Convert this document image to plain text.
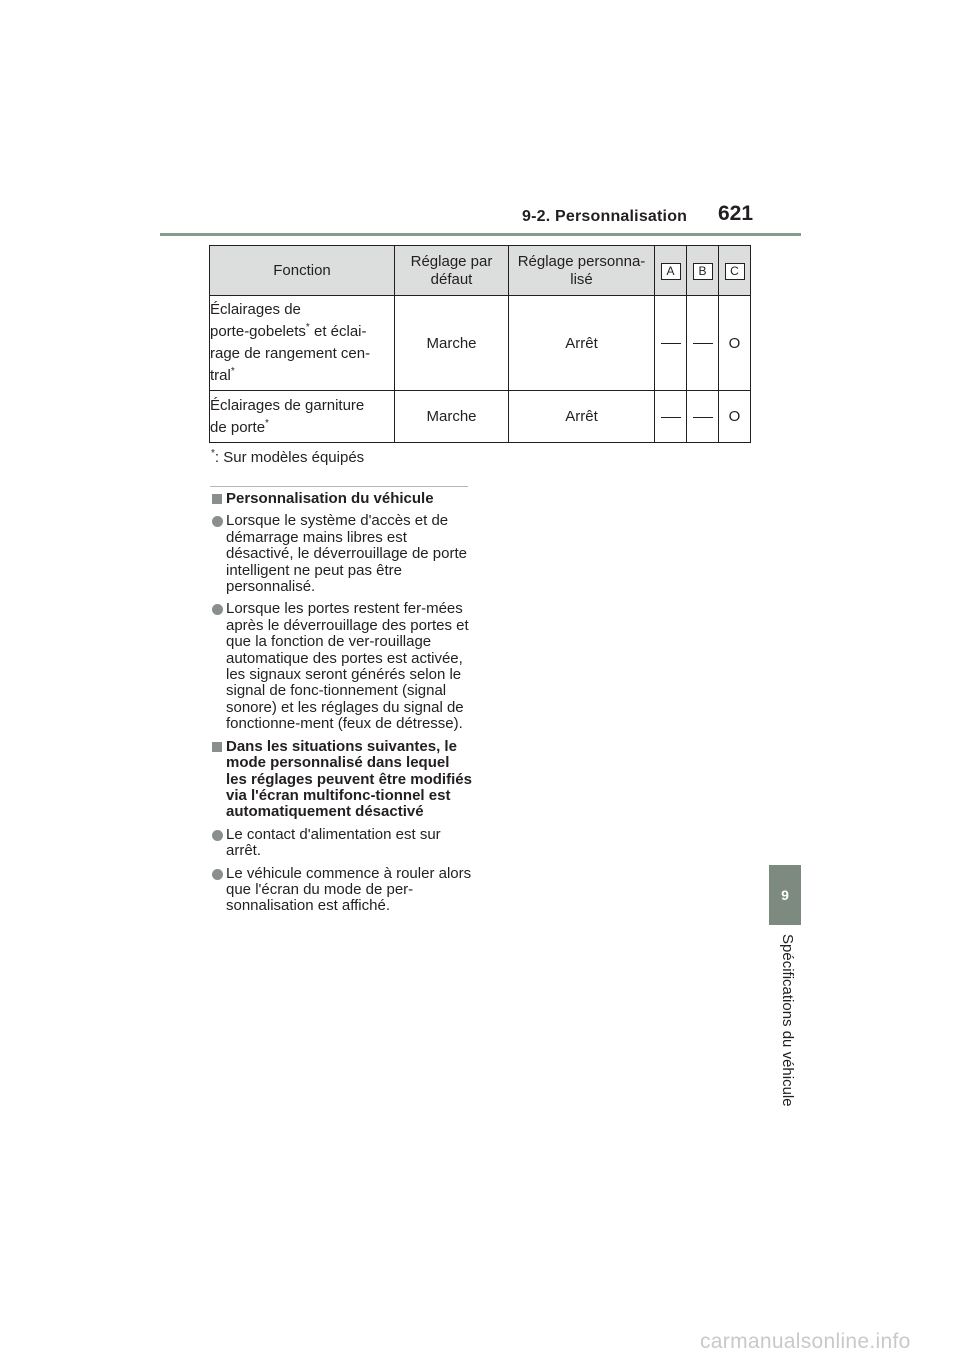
9-2. Personnalisation 621
Fonction	Réglage par défaut	Réglage personna-lisé	A	B	C
Éclairages de
porte-gobelets* et éclai-
rage de rangement cen-
tral*	Marche	Arrêt			O
Éclairages de garniture
de porte*	Marche	Arrêt			O
*: Sur modèles équipés
Personnalisation du véhicule
Lorsque le système d'accès et de démarrage mains libres est désactivé, le déverrouillage de porte intelligent ne peut pas être personnalisé.
Lorsque les portes restent fer-mées après le déverrouillage des portes et que la fonction de ver-rouillage automatique des portes est activée, les signaux seront générés selon le signal de fonc-tionnement (signal sonore) et les réglages du signal de fonctionne-ment (feux de détresse).
Dans les situations suivantes, le mode personnalisé dans lequel les réglages peuvent être modifiés via l'écran multifonc-tionnel est automatiquement désactivé
Le contact d'alimentation est sur arrêt.
Le véhicule commence à rouler alors que l'écran du mode de per-sonnalisation est affiché.
9
Spécifications du véhicule
carmanualsonline.info
